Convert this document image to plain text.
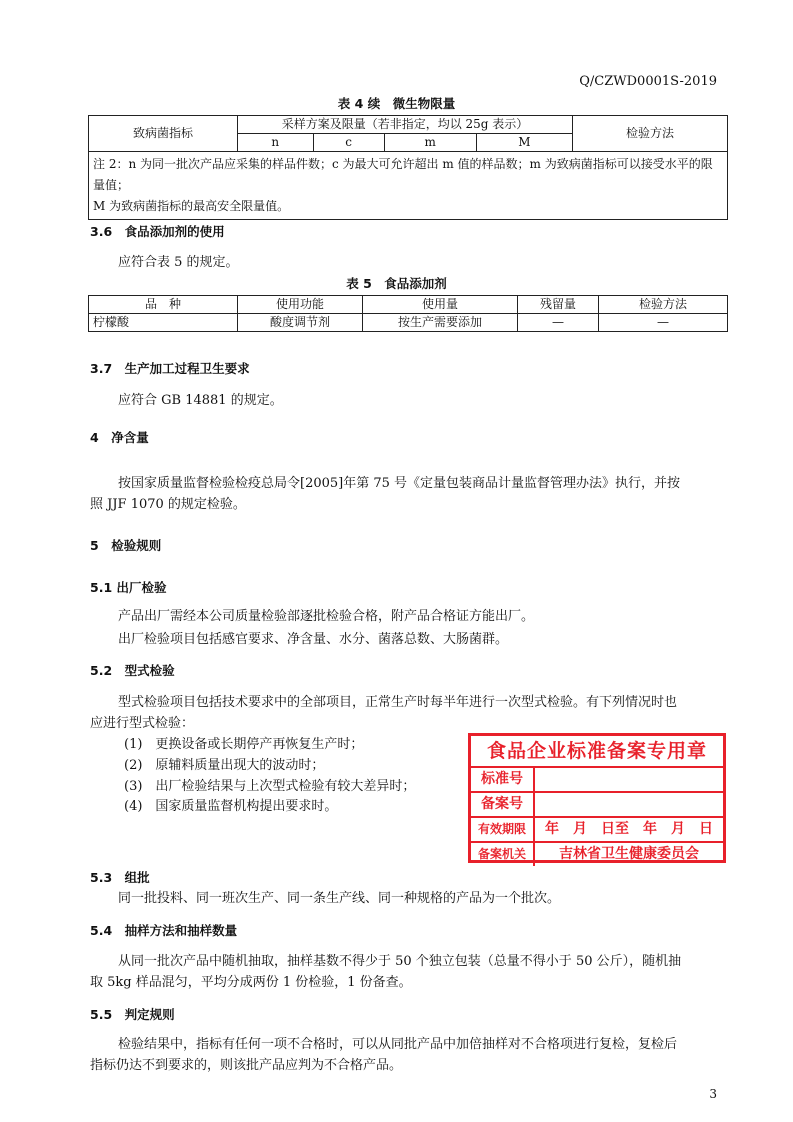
Q/CZWD0001S-2019
表 4 续　微生物限量
致病菌指标	采样方案及限量（若非指定，均以 25g 表示）				检验方法
	n	c	m	M	

注 2：n 为同一批次产品应采集的样品件数；c 为最大可允许超出 m 值的样品数；m 为致病菌指标可以接受水平的限量值；
M 为致病菌指标的最高安全限量值。					
3.6　食品添加剂的使用
应符合表 5 的规定。
表 5　食品添加剂
品　种	使用功能	使用量	残留量	检验方法
柠檬酸	酸度调节剂	按生产需要添加	—	—
3.7　生产加工过程卫生要求
应符合 GB 14881 的规定。
4　净含量
按国家质量监督检验检疫总局令[2005]年第 75 号《定量包装商品计量监督管理办法》执行，并按
照 JJF 1070 的规定检验。
5　检验规则
5.1 出厂检验
产品出厂需经本公司质量检验部逐批检验合格，附产品合格证方能出厂。
出厂检验项目包括感官要求、净含量、水分、菌落总数、大肠菌群。
5.2　型式检验
型式检验项目包括技术要求中的全部项目，正常生产时每半年进行一次型式检验。有下列情况时也
应进行型式检验：
(1)　更换设备或长期停产再恢复生产时；
(2)　原辅料质量出现大的波动时；
(3)　出厂检验结果与上次型式检验有较大差异时；
(4)　国家质量监督机构提出要求时。
5.3　组批
同一批投料、同一班次生产、同一条生产线、同一种规格的产品为一个批次。
5.4　抽样方法和抽样数量
从同一批次产品中随机抽取，抽样基数不得少于 50 个独立包装（总量不得小于 50 公斤），随机抽
取 5kg 样品混匀，平均分成两份 1 份检验，1 份备查。
5.5　判定规则
检验结果中，指标有任何一项不合格时，可以从同批产品中加倍抽样对不合格项进行复检，复检后
指标仍达不到要求的，则该批产品应判为不合格产品。
3
食品企业标准备案专用章
标准号
备案号
有效期限	年　月　日至　年　月　日
备案机关	吉林省卫生健康委员会
